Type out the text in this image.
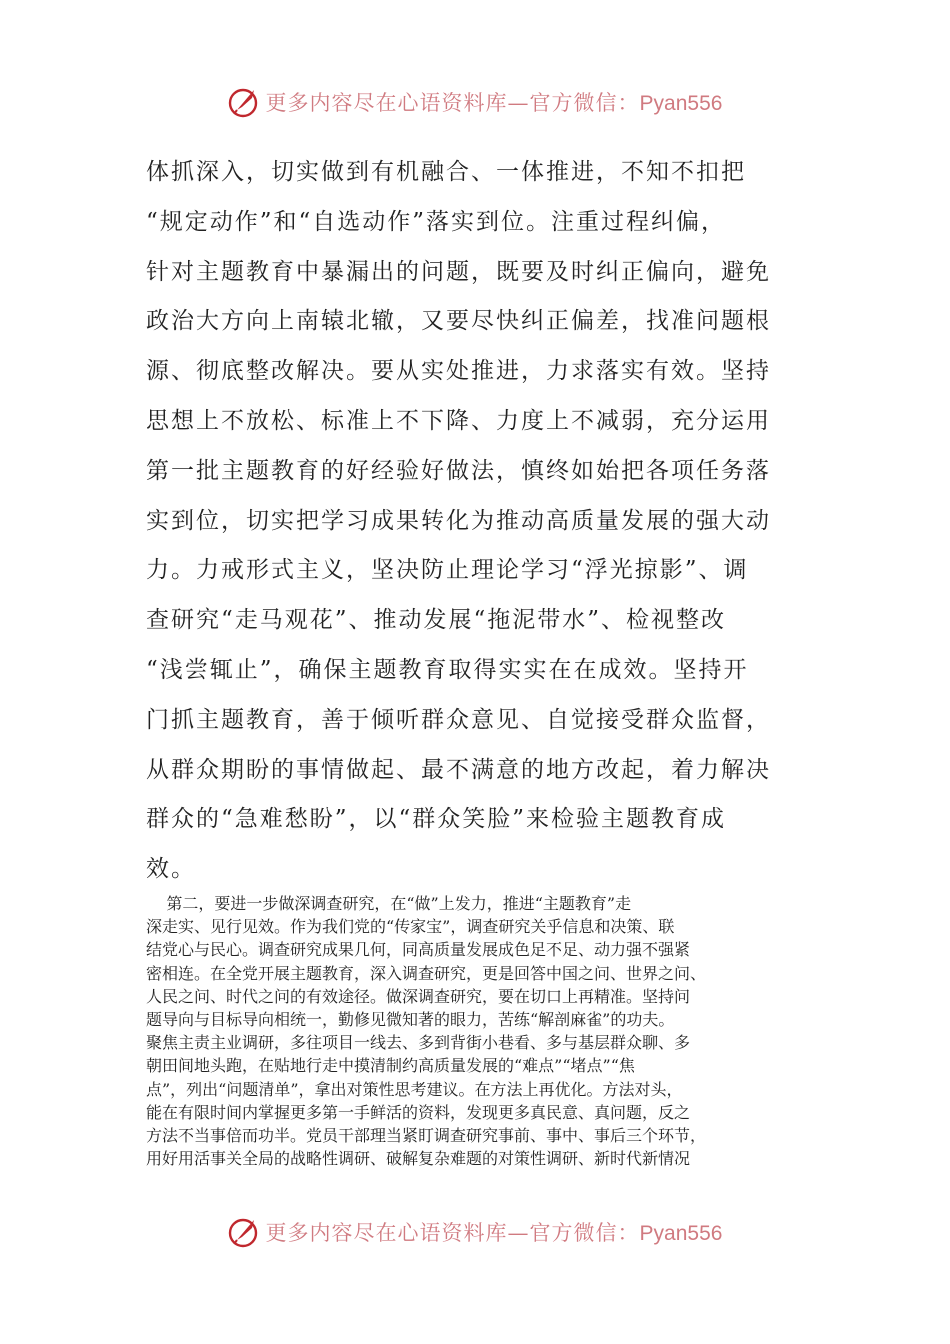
更多内容尽在心语资料库—官方微信：Pyan556
体抓深入，切实做到有机融合、一体推进，不知不扣把
“规定动作”和“自选动作”落实到位。注重过程纠偏，
针对主题教育中暴漏出的问题，既要及时纠正偏向，避免
政治大方向上南辕北辙，又要尽快纠正偏差，找准问题根
源、彻底整改解决。要从实处推进，力求落实有效。坚持
思想上不放松、标准上不下降、力度上不减弱，充分运用
第一批主题教育的好经验好做法，慎终如始把各项任务落
实到位，切实把学习成果转化为推动高质量发展的强大动
力。力戒形式主义，坚决防止理论学习“浮光掠影”、调
查研究“走马观花”、推动发展“拖泥带水”、检视整改
“浅尝辄止”，确保主题教育取得实实在在成效。坚持开
门抓主题教育，善于倾听群众意见、自觉接受群众监督，
从群众期盼的事情做起、最不满意的地方改起，着力解决
群众的“急难愁盼”，以“群众笑脸”来检验主题教育成
效。
第二，要进一步做深调查研究，在“做”上发力，推进“主题教育”走
深走实、见行见效。作为我们党的“传家宝”，调查研究关乎信息和决策、联
结党心与民心。调查研究成果几何，同高质量发展成色足不足、动力强不强紧
密相连。在全党开展主题教育，深入调查研究，更是回答中国之问、世界之问、
人民之问、时代之问的有效途径。做深调查研究，要在切口上再精准。坚持问
题导向与目标导向相统一，勤修见微知著的眼力，苦练“解剖麻雀”的功夫。
聚焦主责主业调研，多往项目一线去、多到背街小巷看、多与基层群众聊、多
朝田间地头跑，在贴地行走中摸清制约高质量发展的“难点”“堵点”“焦
点”，列出“问题清单”，拿出对策性思考建议。在方法上再优化。方法对头，
能在有限时间内掌握更多第一手鲜活的资料，发现更多真民意、真问题，反之
方法不当事倍而功半。党员干部理当紧盯调查研究事前、事中、事后三个环节，
用好用活事关全局的战略性调研、破解复杂难题的对策性调研、新时代新情况
更多内容尽在心语资料库—官方微信：Pyan556
